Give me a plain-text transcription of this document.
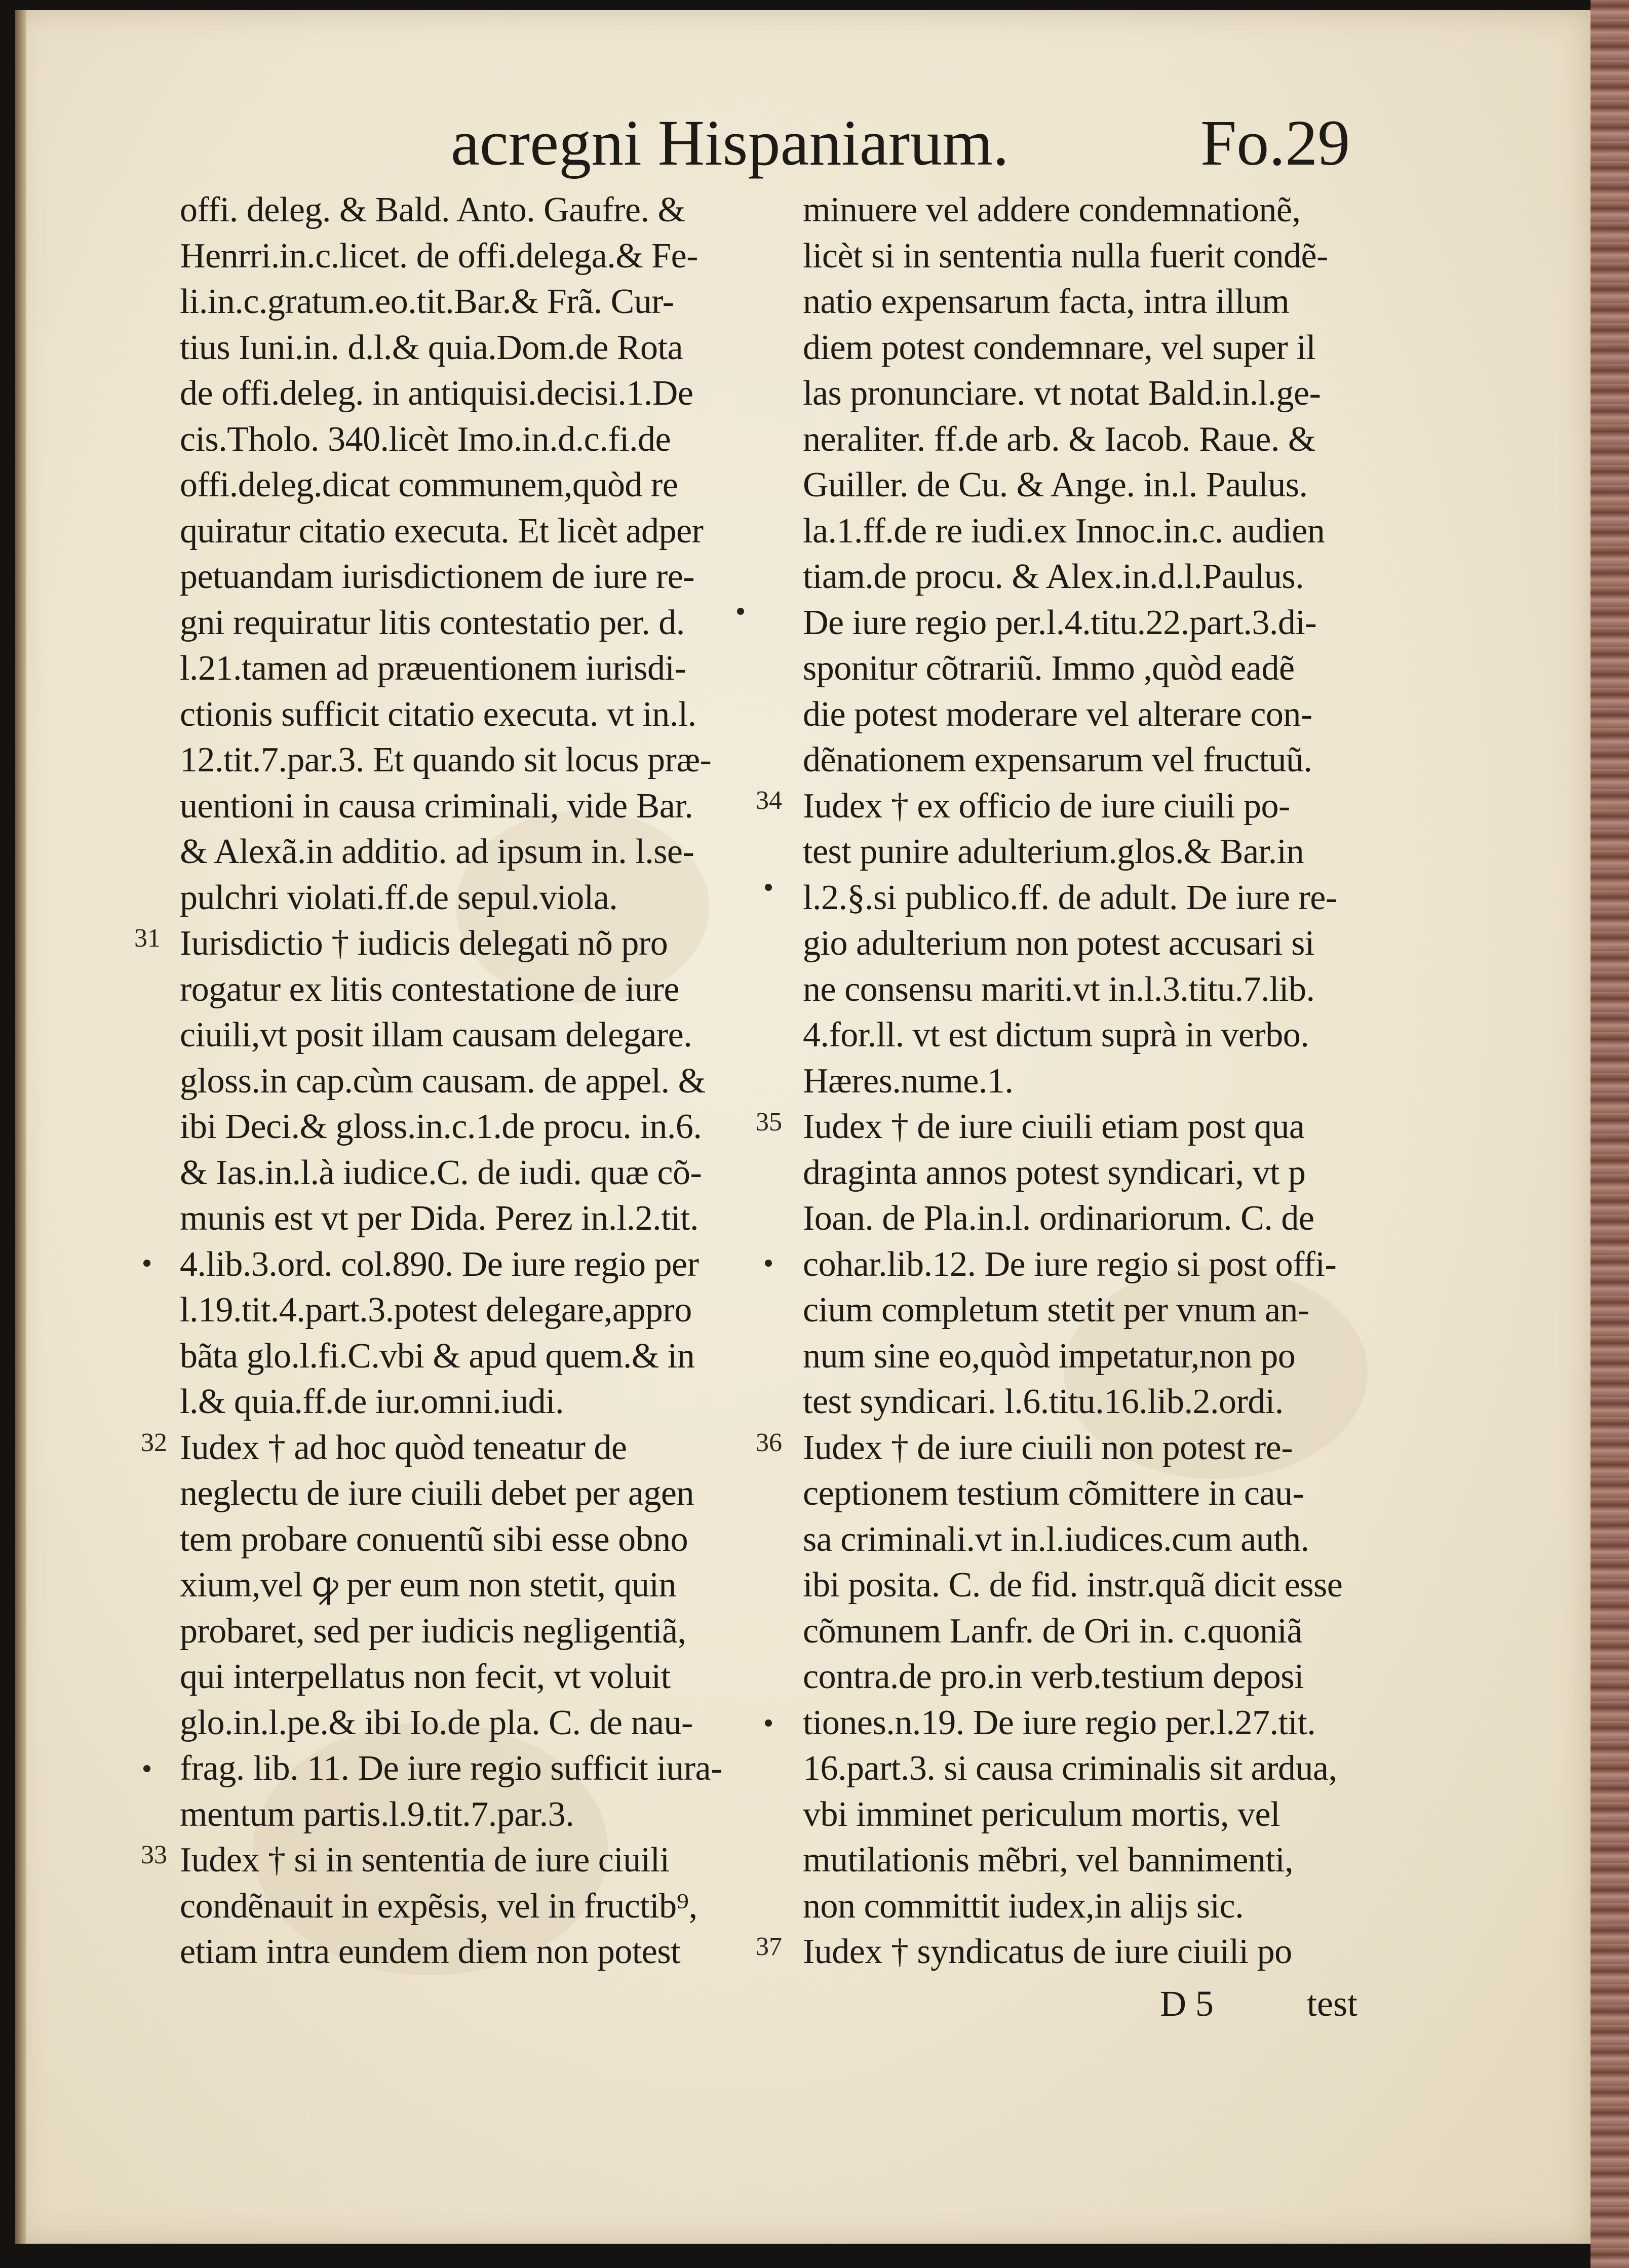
acregni Hispaniarum.	Fo.29
offi. deleg. & Bald. Anto. Gaufre. &
Henrri.in.c.licet. de offi.delega.& Fe-
li.in.c.gratum.eo.tit.Bar.& Frã. Cur-
tius Iuni.in. d.l.& quia.Dom.de Rota
de offi.deleg. in antiquisi.decisi.1.De
cis.Tholo. 340.licèt Imo.in.d.c.fi.de
offi.deleg.dicat communem,quòd re
quiratur citatio executa. Et licèt adper
petuandam iurisdictionem de iure re-
gni requiratur litis contestatio per. d.
l.21.tamen ad præuentionem iurisdi-
ctionis sufficit citatio executa. vt in.l.
12.tit.7.par.3. Et quando sit locus præ-
uentioni in causa criminali, vide Bar.
& Alexã.in additio. ad ipsum in. l.se-
pulchri violati.ff.de sepul.viola.
Iurisdictio † iudicis delegati nõ pro
rogatur ex litis contestatione de iure
ciuili,vt posit illam causam delegare.
gloss.in cap.cùm causam. de appel. &
ibi Deci.& gloss.in.c.1.de procu. in.6.
& Ias.in.l.à iudice.C. de iudi. quæ cõ-
munis est vt per Dida. Perez in.l.2.tit.
4.lib.3.ord. col.890. De iure regio per
l.19.tit.4.part.3.potest delegare,appro
bãta glo.l.fi.C.vbi & apud quem.& in
l.& quia.ff.de iur.omni.iudi.
Iudex † ad hoc quòd teneatur de
neglectu de iure ciuili debet per agen
tem probare conuentũ sibi esse obno
xium,vel ꝙ per eum non stetit, quin
probaret, sed per iudicis negligentiã,
qui interpellatus non fecit, vt voluit
glo.in.l.pe.& ibi Io.de pla. C. de nau-
frag. lib. 11. De iure regio sufficit iura-
mentum partis.l.9.tit.7.par.3.
Iudex † si in sententia de iure ciuili
condẽnauit in expẽsis, vel in fructib⁹,
etiam intra eundem diem non potest
minuere vel addere condemnationẽ,
licèt si in sententia nulla fuerit condẽ-
natio expensarum facta, intra illum
diem potest condemnare, vel super il
las pronunciare. vt notat Bald.in.l.ge-
neraliter. ff.de arb. & Iacob. Raue. &
Guiller. de Cu. & Ange. in.l. Paulus.
la.1.ff.de re iudi.ex Innoc.in.c. audien
tiam.de procu. & Alex.in.d.l.Paulus.
De iure regio per.l.4.titu.22.part.3.di-
sponitur cõtrariũ. Immo ,quòd eadẽ
die potest moderare vel alterare con-
dẽnationem expensarum vel fructuũ.
Iudex † ex officio de iure ciuili po-
test punire adulterium.glos.& Bar.in
l.2.§.si publico.ff. de adult. De iure re-
gio adulterium non potest accusari si
ne consensu mariti.vt in.l.3.titu.7.lib.
4.for.ll. vt est dictum suprà in verbo.
Hæres.nume.1.
Iudex † de iure ciuili etiam post qua
draginta annos potest syndicari, vt p
Ioan. de Pla.in.l. ordinariorum. C. de
cohar.lib.12. De iure regio si post offi-
cium completum stetit per vnum an-
num sine eo,quòd impetatur,non po
test syndicari. l.6.titu.16.lib.2.ordi.
Iudex † de iure ciuili non potest re-
ceptionem testium cõmittere in cau-
sa criminali.vt in.l.iudices.cum auth.
ibi posita. C. de fid. instr.quã dicit esse
cõmunem Lanfr. de Ori in. c.quoniã
contra.de pro.in verb.testium deposi
tiones.n.19. De iure regio per.l.27.tit.
16.part.3. si causa criminalis sit ardua,
vbi imminet periculum mortis, vel
mutilationis mẽbri, vel bannimenti,
non committit iudex,in alijs sic.
Iudex † syndicatus de iure ciuili po
31
32
33
34
35
36
37
D 5	test
